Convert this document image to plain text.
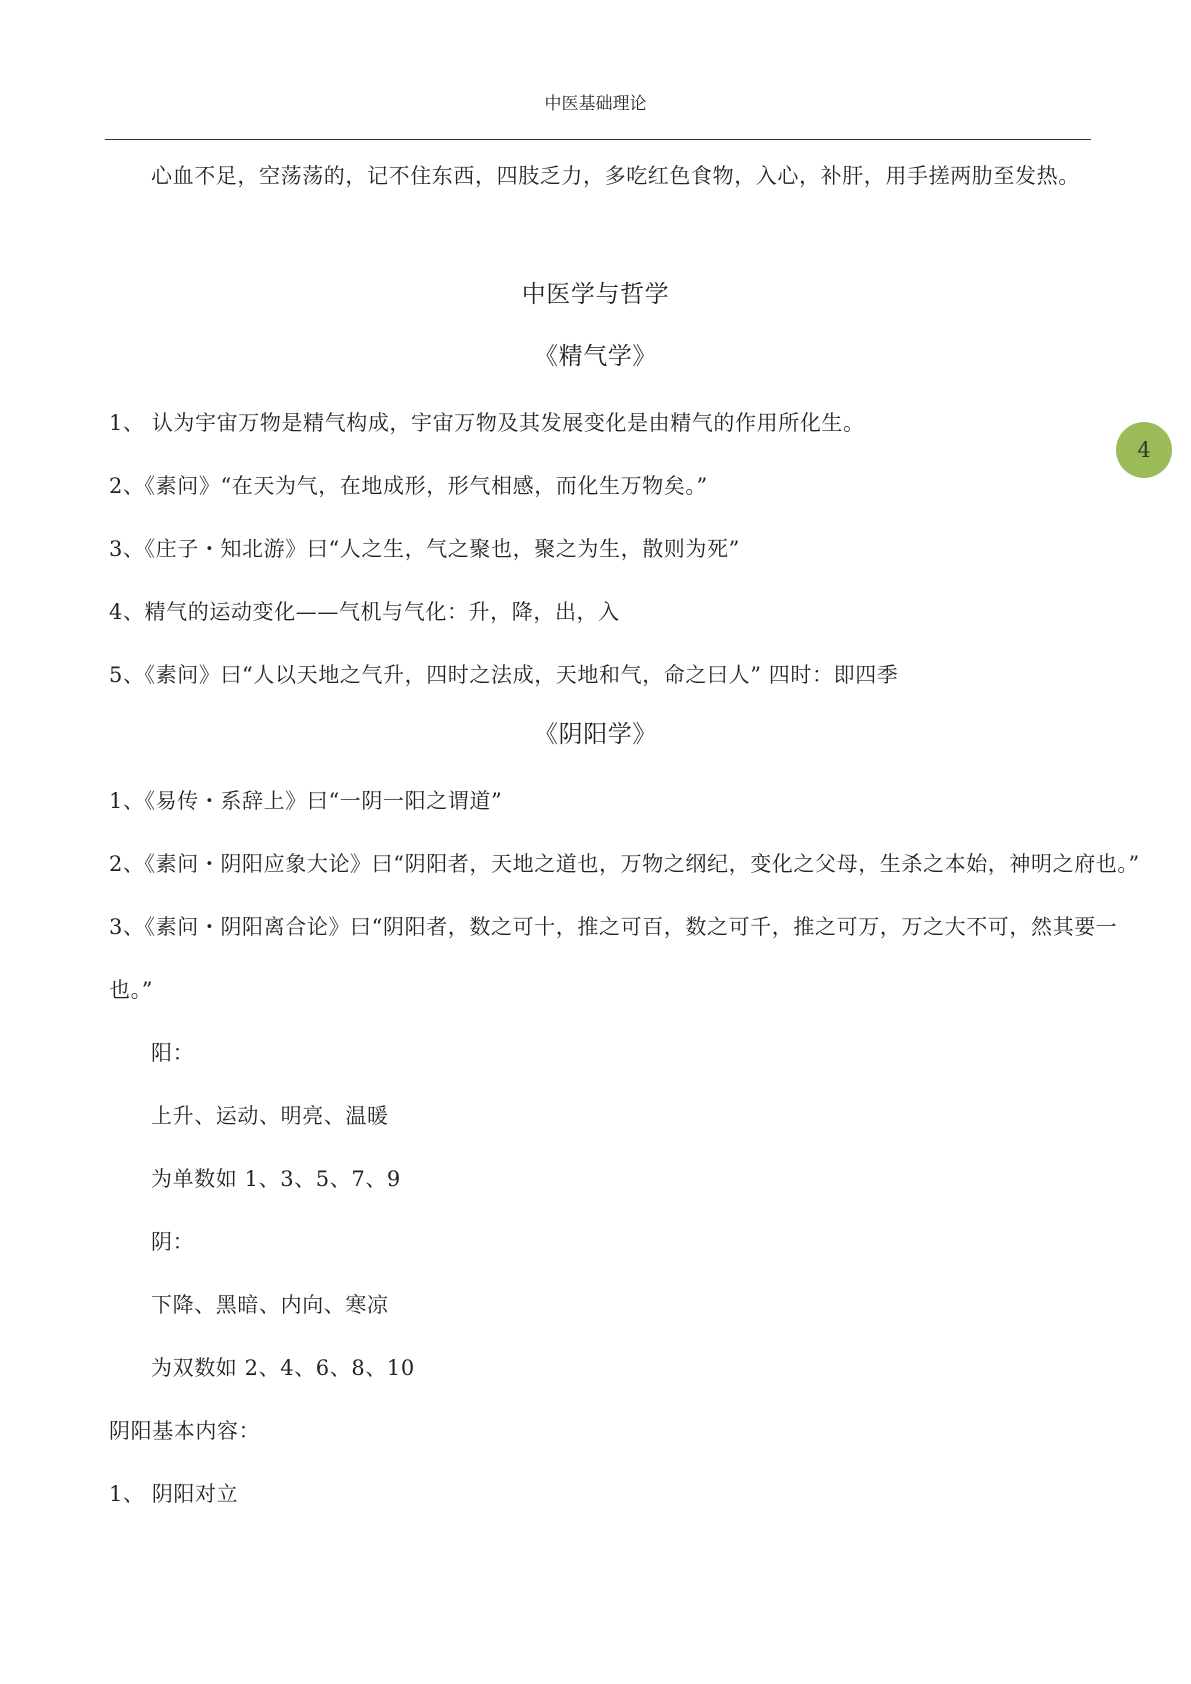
中医基础理论
4
心血不足，空荡荡的，记不住东西，四肢乏力，多吃红色食物，入心，补肝，用手搓两肋至发热。
中医学与哲学
《精气学》
1、 认为宇宙万物是精气构成，宇宙万物及其发展变化是由精气的作用所化生。
2、《素问》“在天为气，在地成形，形气相感，而化生万物矣。”
3、《庄子・知北游》曰“人之生，气之聚也，聚之为生，散则为死”
4、精气的运动变化——气机与气化：升，降，出，入
5、《素问》曰“人以天地之气升，四时之法成，天地和气，命之曰人” 四时：即四季
《阴阳学》
1、《易传・系辞上》曰“一阴一阳之谓道”
2、《素问・阴阳应象大论》曰“阴阳者，天地之道也，万物之纲纪，变化之父母，生杀之本始，神明之府也。”
3、《素问・阴阳离合论》曰“阴阳者，数之可十，推之可百，数之可千，推之可万，万之大不可，然其要一
也。”
阳：
上升、运动、明亮、温暖
为单数如 1、3、5、7、9
阴：
下降、黑暗、内向、寒凉
为双数如 2、4、6、8、10
阴阳基本内容：
1、 阴阳对立
